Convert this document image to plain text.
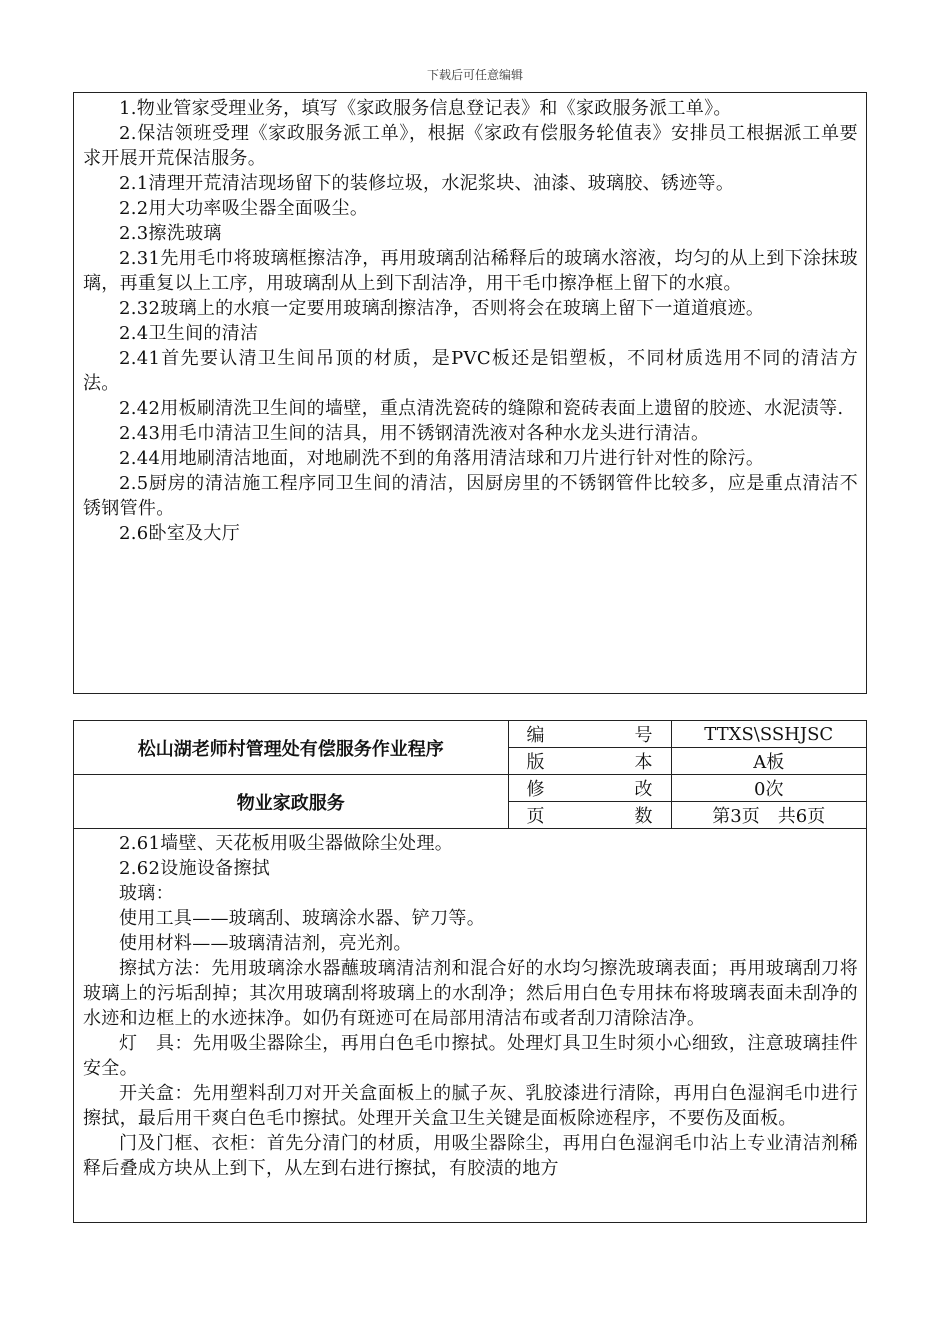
下载后可任意编辑

1.物业管家受理业务，填写《家政服务信息登记表》和《家政服务派工单》。

2.保洁领班受理《家政服务派工单》，根据《家政有偿服务轮值表》安排员工根据派工单要求开展开荒保洁服务。

2.1清理开荒清洁现场留下的装修垃圾，水泥浆块、油漆、玻璃胶、锈迹等。

2.2用大功率吸尘器全面吸尘。

2.3擦洗玻璃

2.31先用毛巾将玻璃框擦洁净，再用玻璃刮沾稀释后的玻璃水溶液，均匀的从上到下涂抹玻璃，再重复以上工序，用玻璃刮从上到下刮洁净，用干毛巾擦净框上留下的水痕。

2.32玻璃上的水痕一定要用玻璃刮擦洁净，否则将会在玻璃上留下一道道痕迹。

2.4卫生间的清洁

2.41首先要认清卫生间吊顶的材质，是PVC板还是铝塑板，不同材质选用不同的清洁方法。

2.42用板刷清洗卫生间的墙壁，重点清洗瓷砖的缝隙和瓷砖表面上遗留的胶迹、水泥渍等.

2.43用毛巾清洁卫生间的洁具，用不锈钢清洗液对各种水龙头进行清洁。

2.44用地刷清洁地面，对地刷洗不到的角落用清洁球和刀片进行针对性的除污。

2.5厨房的清洁施工程序同卫生间的清洁，因厨房里的不锈钢管件比较多，应是重点清洁不锈钢管件。

2.6卧室及大厅

松山湖老师村管理处有偿服务作业程序	编 号	TTXS\SSHJSC

	版 本	A板
物业家政服务	修 改	0次

	页 数	第3页　共6页

2.61墙壁、天花板用吸尘器做除尘处理。

2.62设施设备擦拭

玻璃：

使用工具——玻璃刮、玻璃涂水器、铲刀等。

使用材料——玻璃清洁剂，亮光剂。

擦拭方法：先用玻璃涂水器蘸玻璃清洁剂和混合好的水均匀擦洗玻璃表面；再用玻璃刮刀将玻璃上的污垢刮掉；其次用玻璃刮将玻璃上的水刮净；然后用白色专用抹布将玻璃表面未刮净的水迹和边框上的水迹抹净。如仍有斑迹可在局部用清洁布或者刮刀清除洁净。

灯　具：先用吸尘器除尘，再用白色毛巾擦拭。处理灯具卫生时须小心细致，注意玻璃挂件安全。

开关盒：先用塑料刮刀对开关盒面板上的腻子灰、乳胶漆进行清除，再用白色湿润毛巾进行擦拭，最后用干爽白色毛巾擦拭。处理开关盒卫生关键是面板除迹程序，不要伤及面板。

门及门框、衣柜：首先分清门的材质，用吸尘器除尘，再用白色湿润毛巾沾上专业清洁剂稀释后叠成方块从上到下，从左到右进行擦拭，有胶渍的地方
